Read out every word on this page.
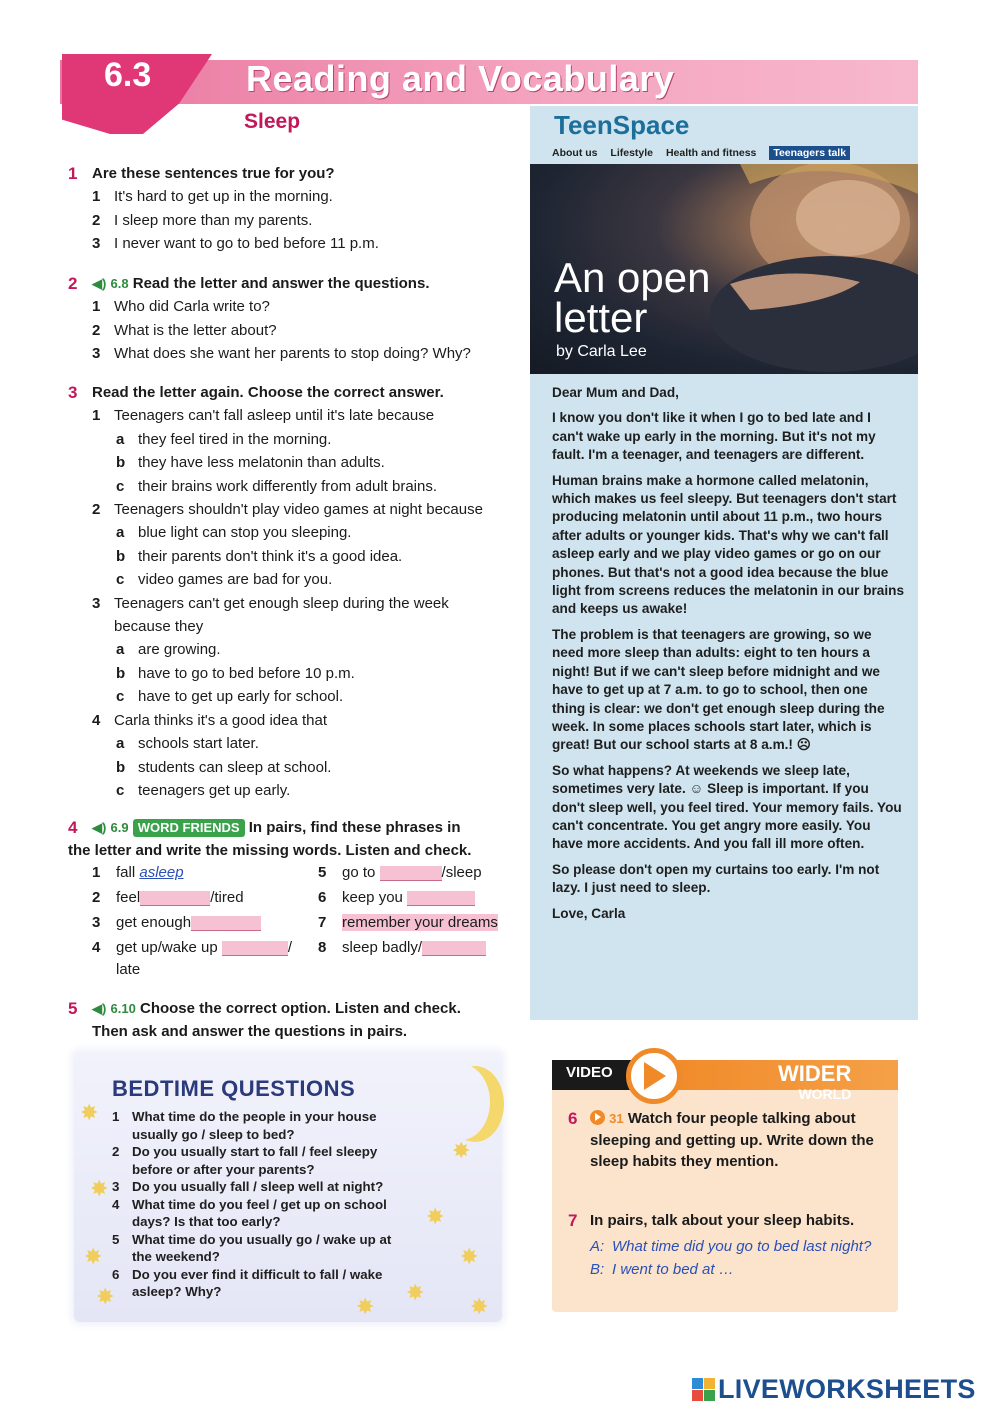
6.3	Reading and Vocabulary
Sleep
1 Are these sentences true for you?
1 It's hard to get up in the morning.
2 I sleep more than my parents.
3 I never want to go to bed before 11 p.m.
2	◀) 6.8 Read the letter and answer the questions.
1 Who did Carla write to?
2 What is the letter about?
3 What does she want her parents to stop doing? Why?
3 Read the letter again. Choose the correct answer.
1 Teenagers can't fall asleep until it's late because
a they feel tired in the morning.
b they have less melatonin than adults.
c their brains work differently from adult brains.
2 Teenagers shouldn't play video games at night because
a blue light can stop you sleeping.
b their parents don't think it's a good idea.
c video games are bad for you.
3 Teenagers can't get enough sleep during the week because they
a are growing.
b have to go to bed before 10 p.m.
c have to get up early for school.
4 Carla thinks it's a good idea that
a schools start later.
b students can sleep at school.
c teenagers get up early.
4	◀) 6.9 WORD FRIENDS In pairs, find these phrases in
the letter and write the missing words. Listen and check.
1 fall asleep
2 feel	/tired
3 get enough
4 get up/wake up	/
late
5 go to	/sleep
6 keep you
7 remember your dreams
8 sleep badly/
5	◀) 6.10 Choose the correct option. Listen and check.
Then ask and answer the questions in pairs.
✸
✸
✸
✸
✸
✸
✸
✸
✸
✸
BEDTIME QUESTIONS
1 What time do the people in your house
usually go / sleep to bed?
2 Do you usually start to fall / feel sleepy
before or after your parents?
3 Do you usually fall / sleep well at night?
4 What time do you feel / get up on school
days? Is that too early?
5 What time do you usually go / wake up at
the weekend?
6 Do you ever find it difficult to fall / wake
asleep? Why?
TeenSpace
About us Lifestyle Health and fitness Teenagers talk
An open
letter
by Carla Lee

Dear Mum and Dad,

I know you don't like it when I go to bed late and I can't wake up early in the morning. But it's not my fault. I'm a teenager, and teenagers are different.

Human brains make a hormone called melatonin, which makes us feel sleepy. But teenagers don't start producing melatonin until about 11 p.m., two hours after adults or younger kids. That's why we can't fall asleep early and we play video games or go on our phones. But that's not a good idea because the blue light from screens reduces the melatonin in our brains and keeps us awake!

The problem is that teenagers are growing, so we need more sleep than adults: eight to ten hours a night! But if we can't sleep before midnight and we have to get up at 7 a.m. to go to school, then one thing is clear: we don't get enough sleep during the week. In some places schools start later, which is great! But our school starts at 8 a.m.! ☹

So what happens? At weekends we sleep late, sometimes very late. ☺ Sleep is important. If you don't sleep well, you feel tired. Your memory fails. You can't concentrate. You get angry more easily. You have more accidents. And you fall ill more often.

So please don't open my curtains too early. I'm not lazy. I just need to sleep.

Love, Carla

VIDEO	WIDER
WORLD
6	31 Watch four people talking about sleeping and getting up. Write down the sleep habits they mention.
7 In pairs, talk about your sleep habits.
A: What time did you go to bed last night?
B: I went to bed at …
LIVEWORKSHEETS
